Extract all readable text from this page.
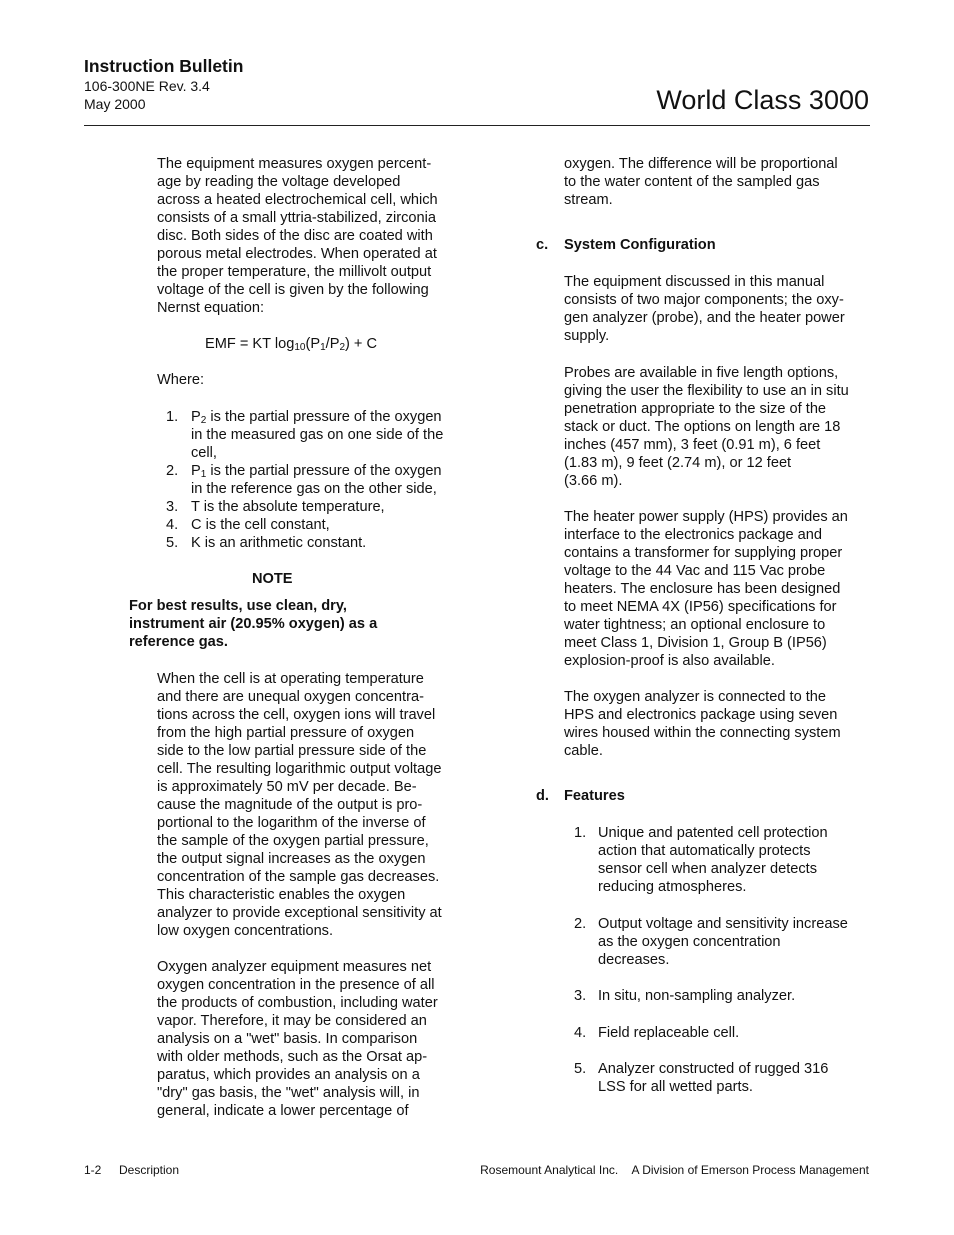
Instruction Bulletin
106-300NE Rev. 3.4
May 2000	World Class 3000
The equipment measures oxygen percent-
age by reading the voltage developed
across a heated electrochemical cell, which
consists of a small yttria-stabilized, zirconia
disc. Both sides of the disc are coated with
porous metal electrodes. When operated at
the proper temperature, the millivolt output
voltage of the cell is given by the following
Nernst equation:
EMF = KT $\log_{10}(P_1/P_2) + C$
Where:
1. $P_2$ is the partial pressure of the oxygen
in the measured gas on one side of the
cell,
2. $P_1$ is the partial pressure of the oxygen
in the reference gas on the other side,
3. T is the absolute temperature,
4. C is the cell constant,
5. K is an arithmetic constant.
NOTE
For best results, use clean, dry,
instrument air (20.95% oxygen) as a
reference gas.
When the cell is at operating temperature
and there are unequal oxygen concentra-
tions across the cell, oxygen ions will travel
from the high partial pressure of oxygen
side to the low partial pressure side of the
cell. The resulting logarithmic output voltage
is approximately 50 mV per decade. Be-
cause the magnitude of the output is pro-
portional to the logarithm of the inverse of
the sample of the oxygen partial pressure,
the output signal increases as the oxygen
concentration of the sample gas decreases.
This characteristic enables the oxygen
analyzer to provide exceptional sensitivity at
low oxygen concentrations.
Oxygen analyzer equipment measures net
oxygen concentration in the presence of all
the products of combustion, including water
vapor. Therefore, it may be considered an
analysis on a "wet" basis. In comparison
with older methods, such as the Orsat ap-
paratus, which provides an analysis on a
"dry" gas basis, the "wet" analysis will, in
general, indicate a lower percentage of
oxygen. The difference will be proportional
to the water content of the sampled gas
stream.
c. System Configuration
The equipment discussed in this manual
consists of two major components; the oxy-
gen analyzer (probe), and the heater power
supply.
Probes are available in five length options,
giving the user the flexibility to use an in situ
penetration appropriate to the size of the
stack or duct. The options on length are 18
inches (457 mm), 3 feet (0.91 m), 6 feet
(1.83 m), 9 feet (2.74 m), or 12 feet
(3.66 m).
The heater power supply (HPS) provides an
interface to the electronics package and
contains a transformer for supplying proper
voltage to the 44 Vac and 115 Vac probe
heaters. The enclosure has been designed
to meet NEMA 4X (IP56) specifications for
water tightness; an optional enclosure to
meet Class 1, Division 1, Group B (IP56)
explosion-proof is also available.
The oxygen analyzer is connected to the
HPS and electronics package using seven
wires housed within the connecting system
cable.
d. Features
1. Unique and patented cell protection
action that automatically protects
sensor cell when analyzer detects
reducing atmospheres.
2. Output voltage and sensitivity increase
as the oxygen concentration
decreases.
3. In situ, non-sampling analyzer.
4. Field replaceable cell.
5. Analyzer constructed of rugged 316
LSS for all wetted parts.
1-2 Description	Rosemount Analytical Inc. A Division of Emerson Process Management
